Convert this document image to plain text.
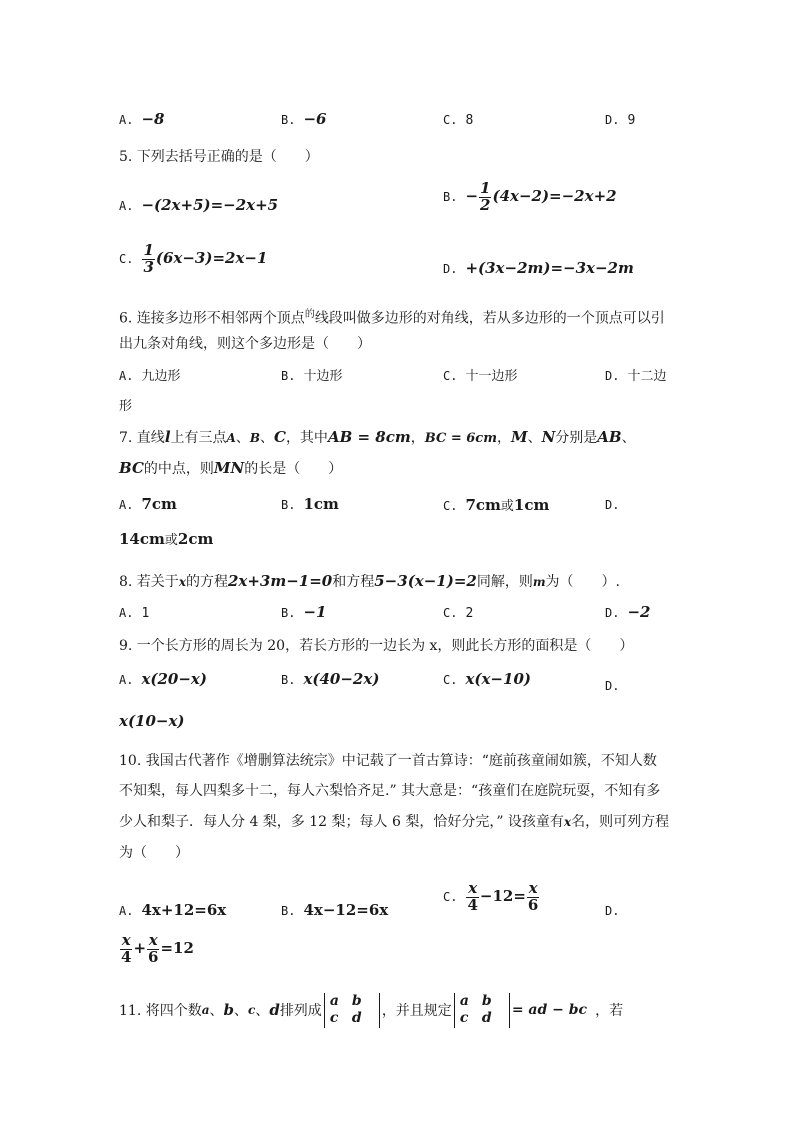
A. −8	B. −6	C. 8	D. 9
5. 下列去括号正确的是（　　）
A. −(2x+5)=−2x+5	B. − $\frac{1}{2} (4x-2)=-2x+2$
C. $\frac{1}{3} (6x-3)=2x-1$
D. +(3x−2m)=−3x−2m
6. 连接多边形不相邻两个顶点$^的$线段叫做多边形的对角线，若从多边形的一个顶点可以引
出九条对角线，则这个多边形是（　　）
A. 九边形	B. 十边形	C. 十一边形	D. 十二边
形
7. 直线l上有三点A、B、C，其中AB = 8cm，BC = 6cm，M、N分别是AB、
BC的中点，则MN的长是（　　）
A. 7cm	B. 1cm	C. 7cm或1cm	D.
14cm或2cm
8. 若关于x的方程2x+3m−1=0和方程5−3(x−1)=2同解，则m为（　　）.
A. 1	B. −1	C. 2	D. −2
9. 一个长方形的周长为 20，若长方形的一边长为 x，则此长方形的面积是（　　）
A. x(20−x)	B. x(40−2x)	C. x(x−10)	D.
x(10−x)
10. 我国古代著作《增删算法统宗》中记载了一首古算诗：“庭前孩童闹如簇，不知人数
不知梨，每人四梨多十二，每人六梨恰齐足.” 其大意是：“孩童们在庭院玩耍，不知有多
少人和梨子．每人分 4 梨，多 12 梨；每人 6 梨，恰好分完，” 设孩童有x名，则可列方程
为（　　）
A. 4x+12=6x	B. 4x−12=6x
C. $\frac{x}{4} -12= \frac{x}{6}$	D.
$\frac{x}{4} + \frac{x}{6} =12$
11. 将四个数 a 、 b 、 c 、 d 排列成
a b
c d	，并且规定
a b
c d	= ad − bc ，若
